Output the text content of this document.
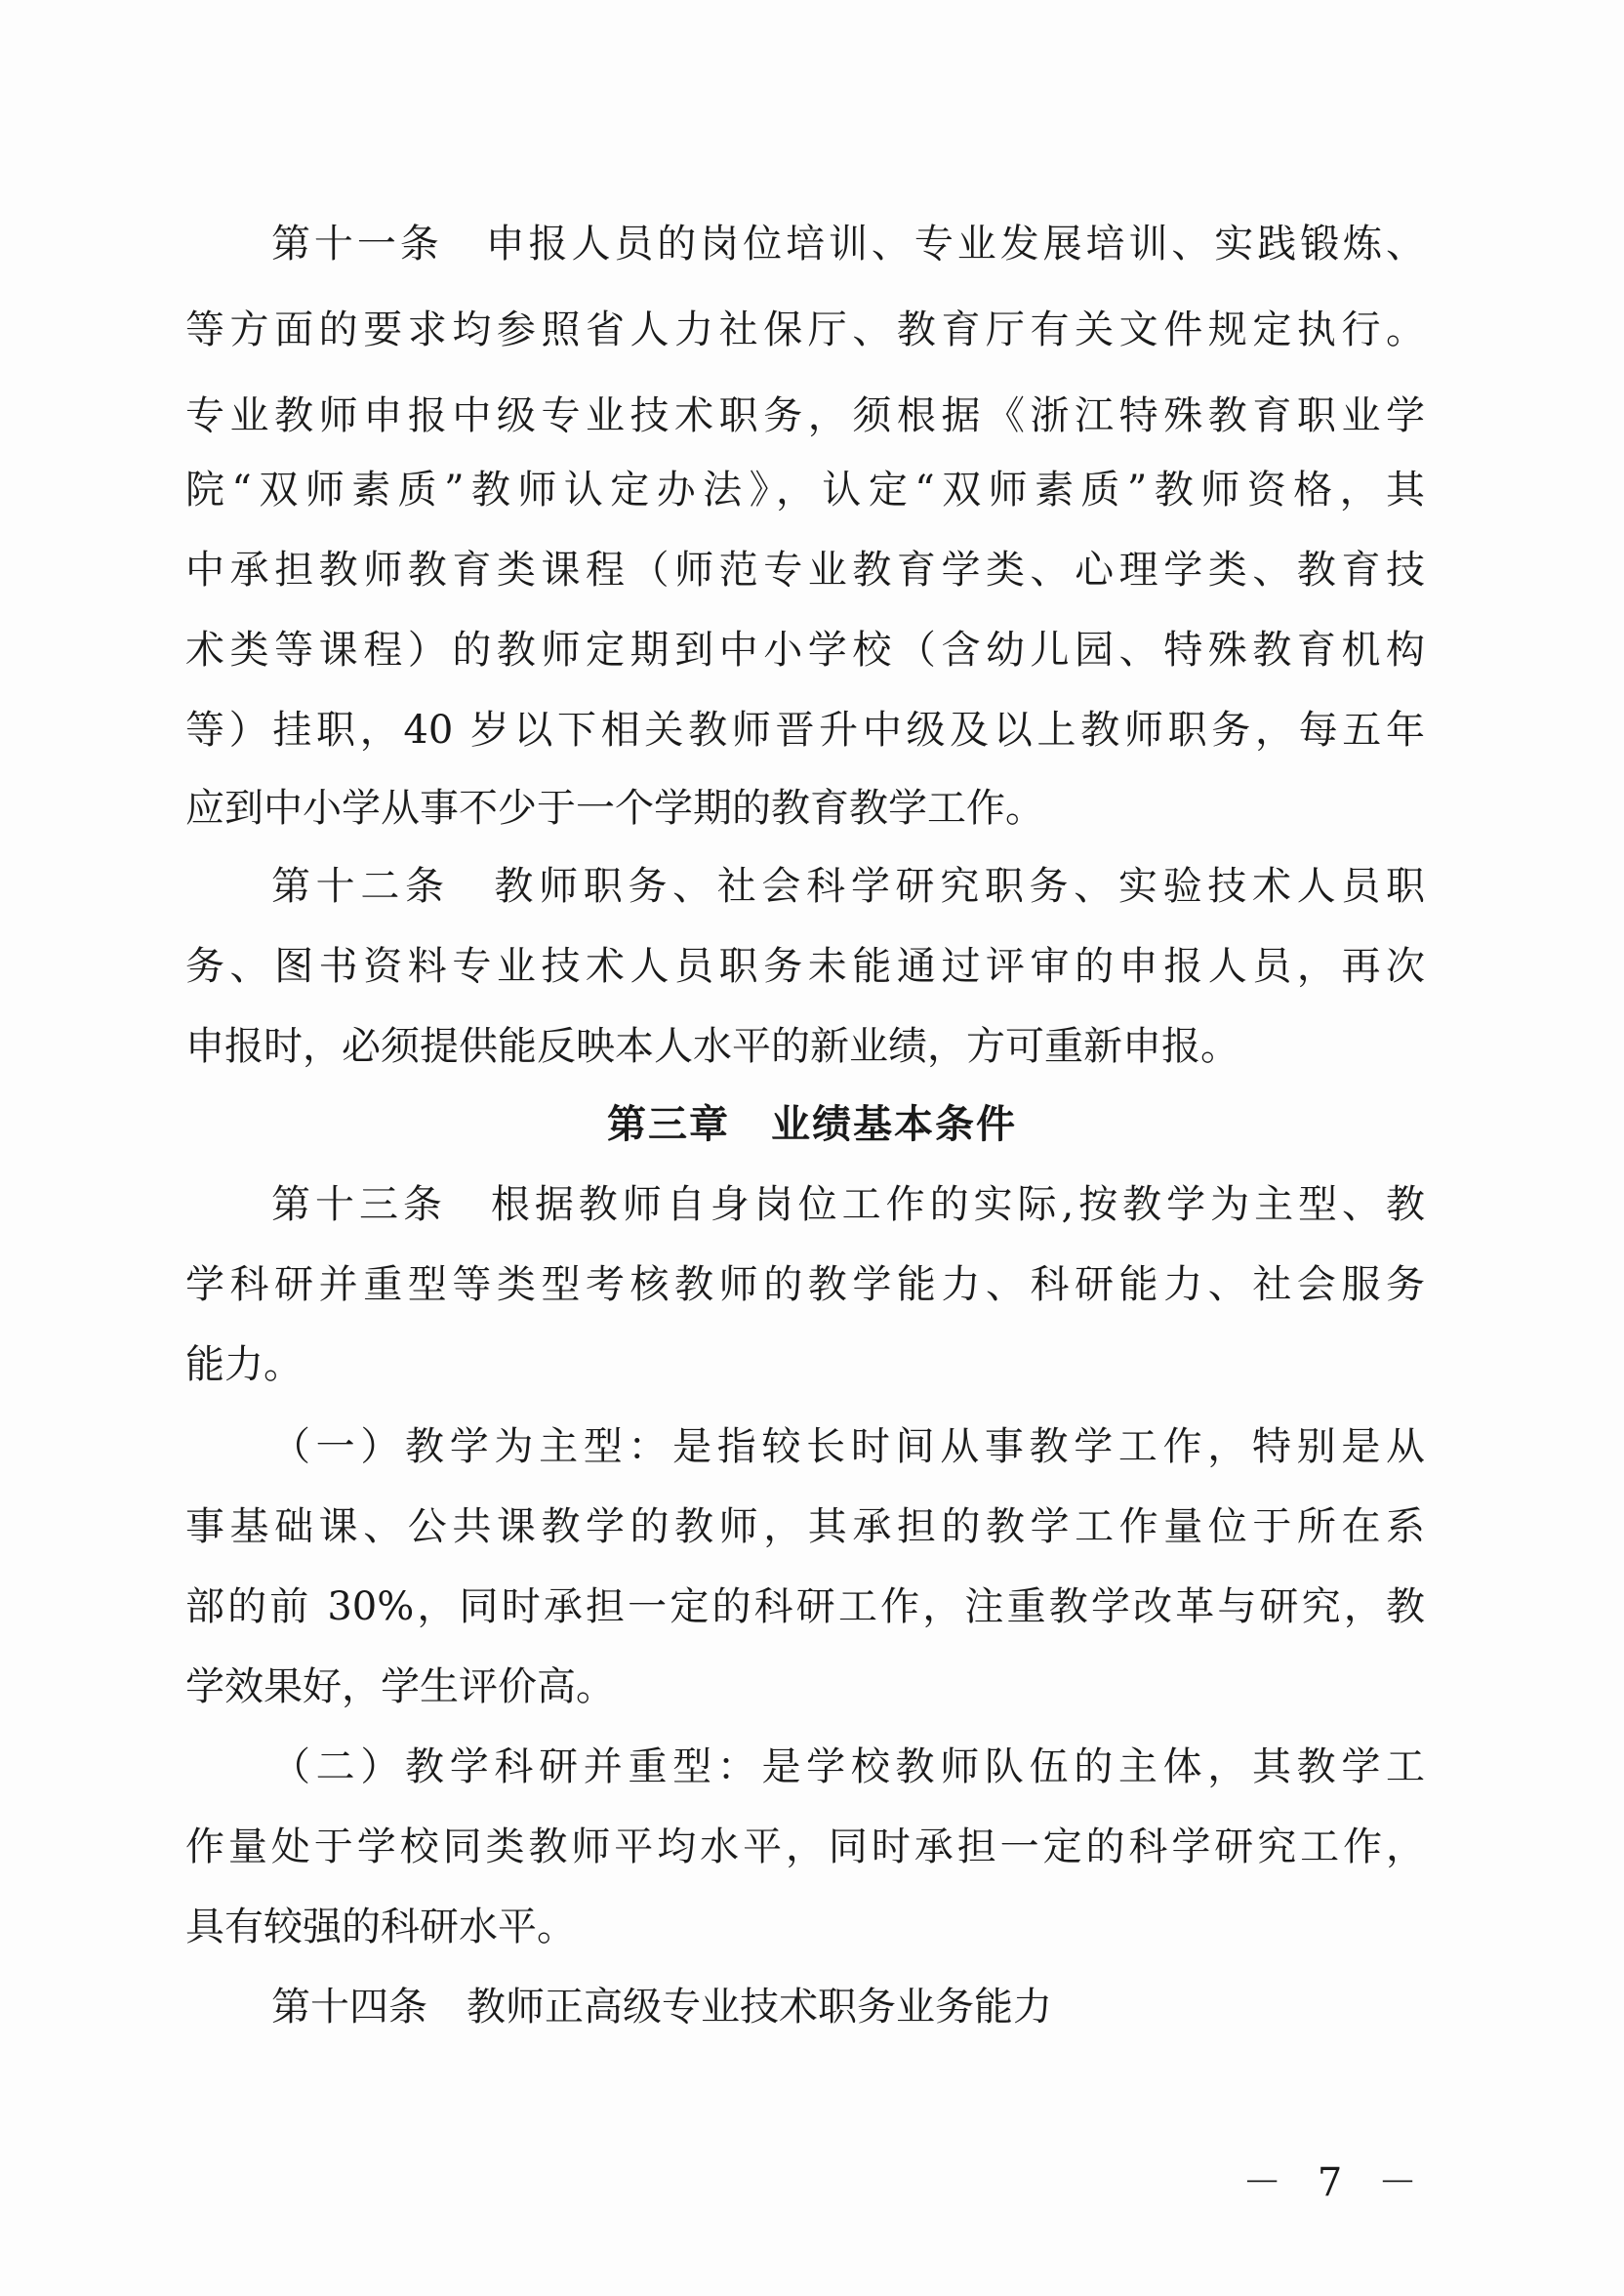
第十一条　申报人员的岗位培训、专业发展培训、实践锻炼、
等方面的要求均参照省人力社保厅、教育厅有关文件规定执行。
专业教师申报中级专业技术职务，须根据《浙江特殊教育职业学
院“双师素质”教师认定办法》，认定“双师素质”教师资格，其
中承担教师教育类课程（师范专业教育学类、心理学类、教育技
术类等课程）的教师定期到中小学校（含幼儿园、特殊教育机构
等）挂职，40 岁以下相关教师晋升中级及以上教师职务，每五年
应到中小学从事不少于一个学期的教育教学工作。
第十二条　教师职务、社会科学研究职务、实验技术人员职
务、图书资料专业技术人员职务未能通过评审的申报人员，再次
申报时，必须提供能反映本人水平的新业绩，方可重新申报。
第三章　业绩基本条件
第十三条　根据教师自身岗位工作的实际,按教学为主型、教
学科研并重型等类型考核教师的教学能力、科研能力、社会服务
能力。
（一）教学为主型：是指较长时间从事教学工作，特别是从
事基础课、公共课教学的教师，其承担的教学工作量位于所在系
部的前 30%，同时承担一定的科研工作，注重教学改革与研究，教
学效果好，学生评价高。
（二）教学科研并重型：是学校教师队伍的主体，其教学工
作量处于学校同类教师平均水平，同时承担一定的科学研究工作，
具有较强的科研水平。
第十四条　教师正高级专业技术职务业务能力
－ 7 －
